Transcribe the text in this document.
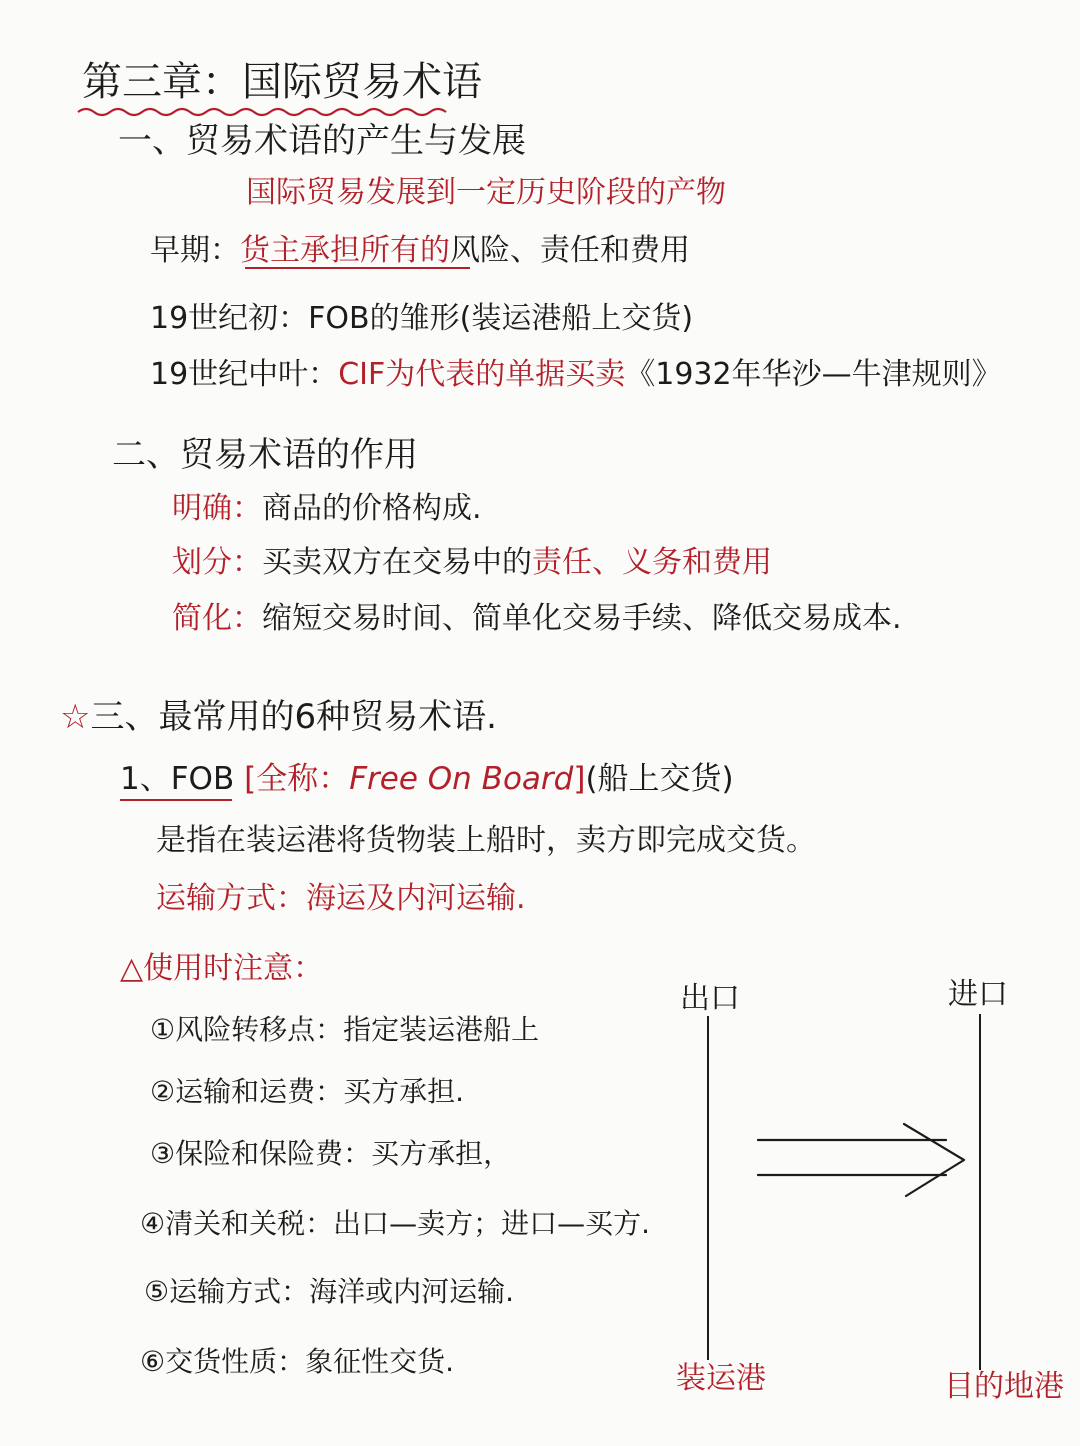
第三章：国际贸易术语
一、贸易术语的产生与发展
国际贸易发展到一定历史阶段的产物
早期：货主承担所有的风险、责任和费用
19世纪初：FOB的雏形(装运港船上交货)
19世纪中叶：CIF为代表的单据买卖《1932年华沙—牛津规则》
二、贸易术语的作用
明确：商品的价格构成.
划分：买卖双方在交易中的责任、义务和费用
简化：缩短交易时间、简单化交易手续、降低交易成本.
☆三、最常用的6种贸易术语.
1、FOB [全称：Free On Board](船上交货)
是指在装运港将货物装上船时，卖方即完成交货。
运输方式：海运及内河运输.
△使用时注意：
①风险转移点：指定装运港船上
②运输和运费：买方承担.
③保险和保险费：买方承担，
④清关和关税：出口—卖方；进口—买方.
⑤运输方式：海洋或内河运输.
⑥交货性质：象征性交货.
出口	进口
装运港	目的地港
